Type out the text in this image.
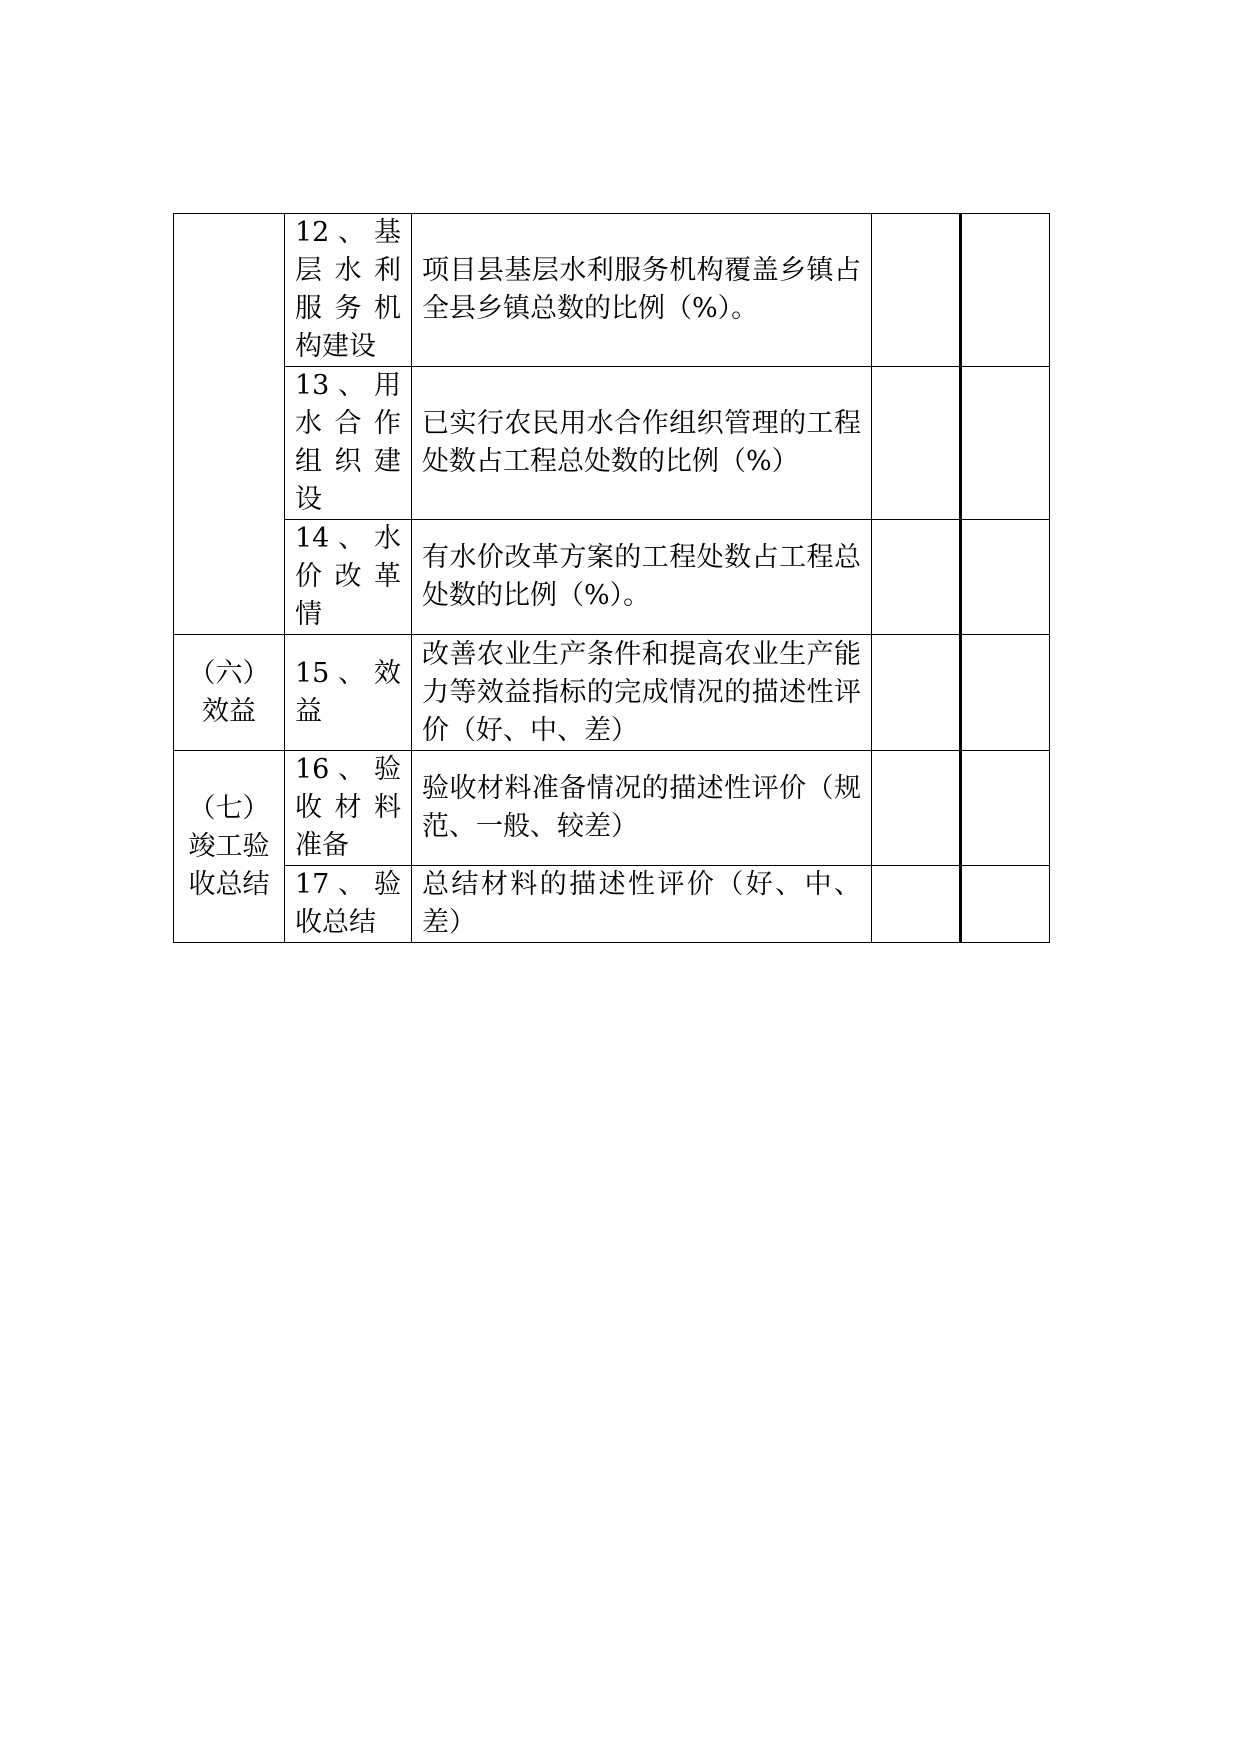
	12、基层水利服务机构建设	项目县基层水利服务机构覆盖乡镇占全县乡镇总数的比例（%）。		
	13、用水合作组织建设	已实行农民用水合作组织管理的工程处数占工程总处数的比例（%）		
	14、水价改革情	有水价改革方案的工程处数占工程总处数的比例（%）。		
（六）效益	15、效益	改善农业生产条件和提高农业生产能力等效益指标的完成情况的描述性评价（好、中、差）		
（七）竣工验收总结	16、验收材料准备	验收材料准备情况的描述性评价（规范、一般、较差）		
	17、验收总结	总结材料的描述性评价（好、中、差）		
